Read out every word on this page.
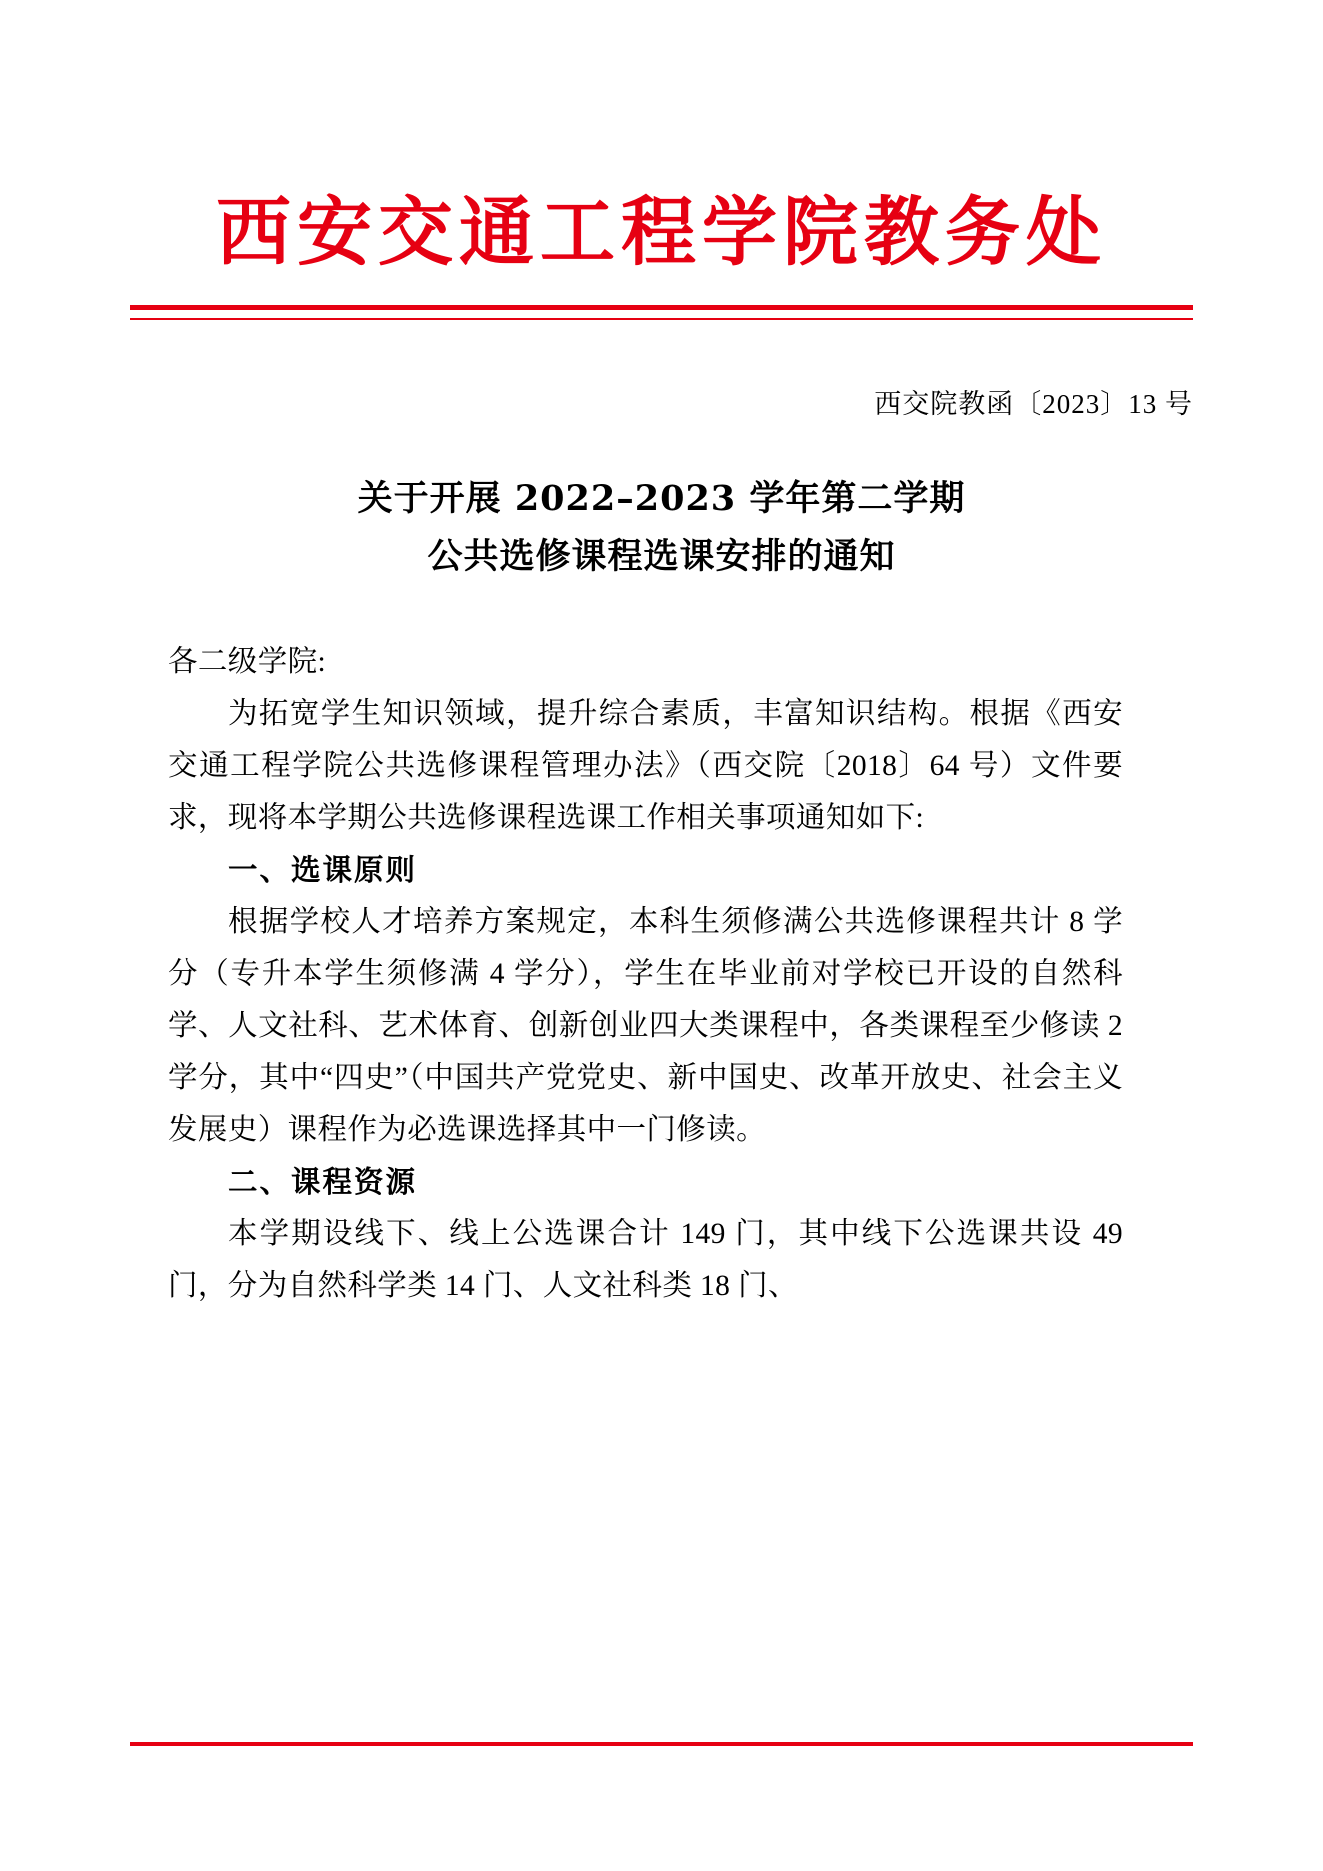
西安交通工程学院教务处
西交院教函〔2023〕13 号
关于开展 2022–2023 学年第二学期
公共选修课程选课安排的通知

各二级学院:

为拓宽学生知识领域，提升综合素质，丰富知识结构。根据《西安交通工程学院公共选修课程管理办法》（西交院〔2018〕64 号）文件要求，现将本学期公共选修课程选课工作相关事项通知如下:

一、选课原则

根据学校人才培养方案规定，本科生须修满公共选修课程共计 8 学分（专升本学生须修满 4 学分），学生在毕业前对学校已开设的自然科学、人文社科、艺术体育、创新创业四大类课程中，各类课程至少修读 2 学分，其中“四史”（中国共产党党史、新中国史、改革开放史、社会主义发展史）课程作为必选课选择其中一门修读。

二、课程资源

本学期设线下、线上公选课合计 149 门，其中线下公选课共设 49 门，分为自然科学类 14 门、人文社科类 18 门、
